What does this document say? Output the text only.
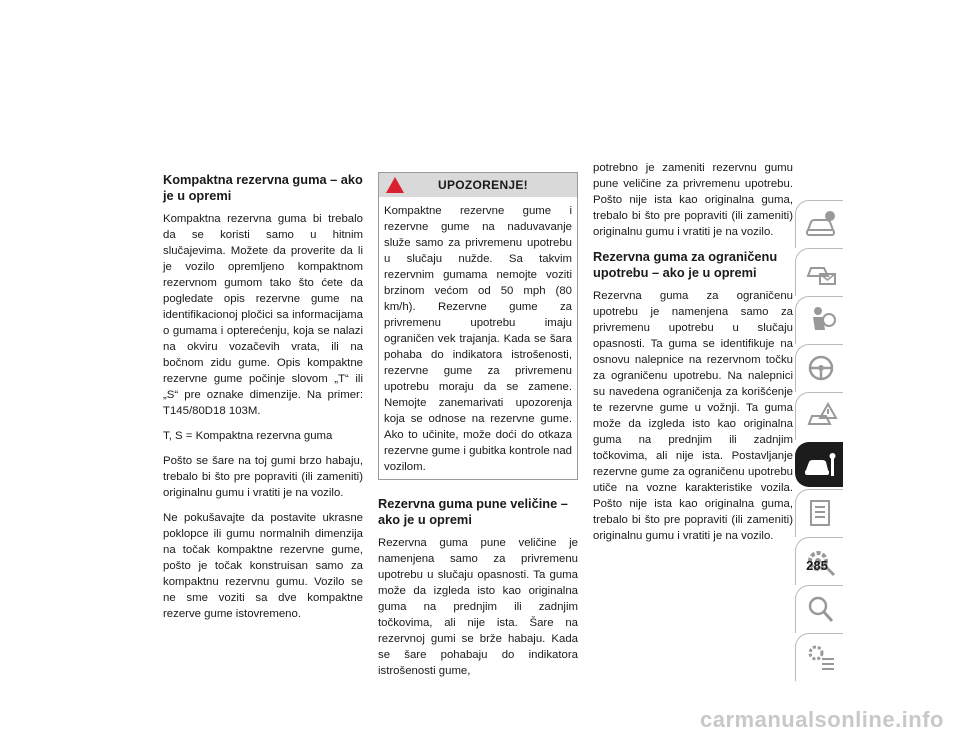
Kompaktna rezervna guma – ako je u opremi

Kompaktna rezervna guma bi trebalo da se koristi samo u hitnim slučajevima. Možete da proverite da li je vozilo opremljeno kompaktnom rezervnom gumom tako što ćete da pogledate opis rezervne gume na identifikacionoj pločici sa informacijama o gumama i opterećenju, koja se nalazi na okviru vozačevih vrata, ili na bočnom zidu gume. Opis kompaktne rezervne gume počinje slovom „T“ ili „S“ pre oznake dimenzije. Na primer: T145/80D18 103M.

T, S = Kompaktna rezervna guma

Pošto se šare na toj gumi brzo habaju, trebalo bi što pre popraviti (ili zameniti) originalnu gumu i vratiti je na vozilo.

Ne pokušavajte da postavite ukrasne poklopce ili gumu normalnih dimenzija na točak kompaktne rezervne gume, pošto je točak konstruisan samo za kompaktnu rezervnu gumu. Vozilo se ne sme voziti sa dve kompaktne rezerve gume istovremeno.

UPOZORENJE!

Kompaktne rezervne gume i rezervne gume na naduvavanje služe samo za privremenu upotrebu u slučaju nužde. Sa takvim rezervnim gumama nemojte voziti brzinom većom od 50 mph (80 km/h). Rezervne gume za privremenu upotrebu imaju ograničen vek trajanja. Kada se šara pohaba do indikatora istrošenosti, rezervne gume za privremenu upotrebu moraju da se zamene. Nemojte zanemarivati upozorenja koja se odnose na rezervne gume. Ako to učinite, može doći do otkaza rezervne gume i gubitka kontrole nad vozilom.

Rezervna guma pune veličine – ako je u opremi

Rezervna guma pune veličine je namenjena samo za privremenu upotrebu u slučaju opasnosti. Ta guma može da izgleda isto kao originalna guma na prednjim ili zadnjim točkovima, ali nije ista. Šare na rezervnoj gumi se brže habaju. Kada se šare pohabaju do indikatora istrošenosti gume,

potrebno je zameniti rezervnu gumu pune veličine za privremenu upotrebu. Pošto nije ista kao originalna guma, trebalo bi što pre popraviti (ili zameniti) originalnu gumu i vratiti je na vozilo.

Rezervna guma za ograničenu upotrebu – ako je u opremi

Rezervna guma za ograničenu upotrebu je namenjena samo za privremenu upotrebu u slučaju opasnosti. Ta guma se identifikuje na osnovu nalepnice na rezervnom točku za ograničenu upotrebu. Na nalepnici su navedena ograničenja za korišćenje te rezervne gume u vožnji. Ta guma može da izgleda isto kao originalna guma na prednjim ili zadnjim točkovima, ali nije ista. Postavljanje rezervne gume za ograničenu upotrebu utiče na vozne karakteristike vozila. Pošto nije ista kao originalna guma, trebalo bi što pre popraviti (ili zameniti) originalnu gumu i vratiti je na vozilo.

285
carmanualsonline.info
